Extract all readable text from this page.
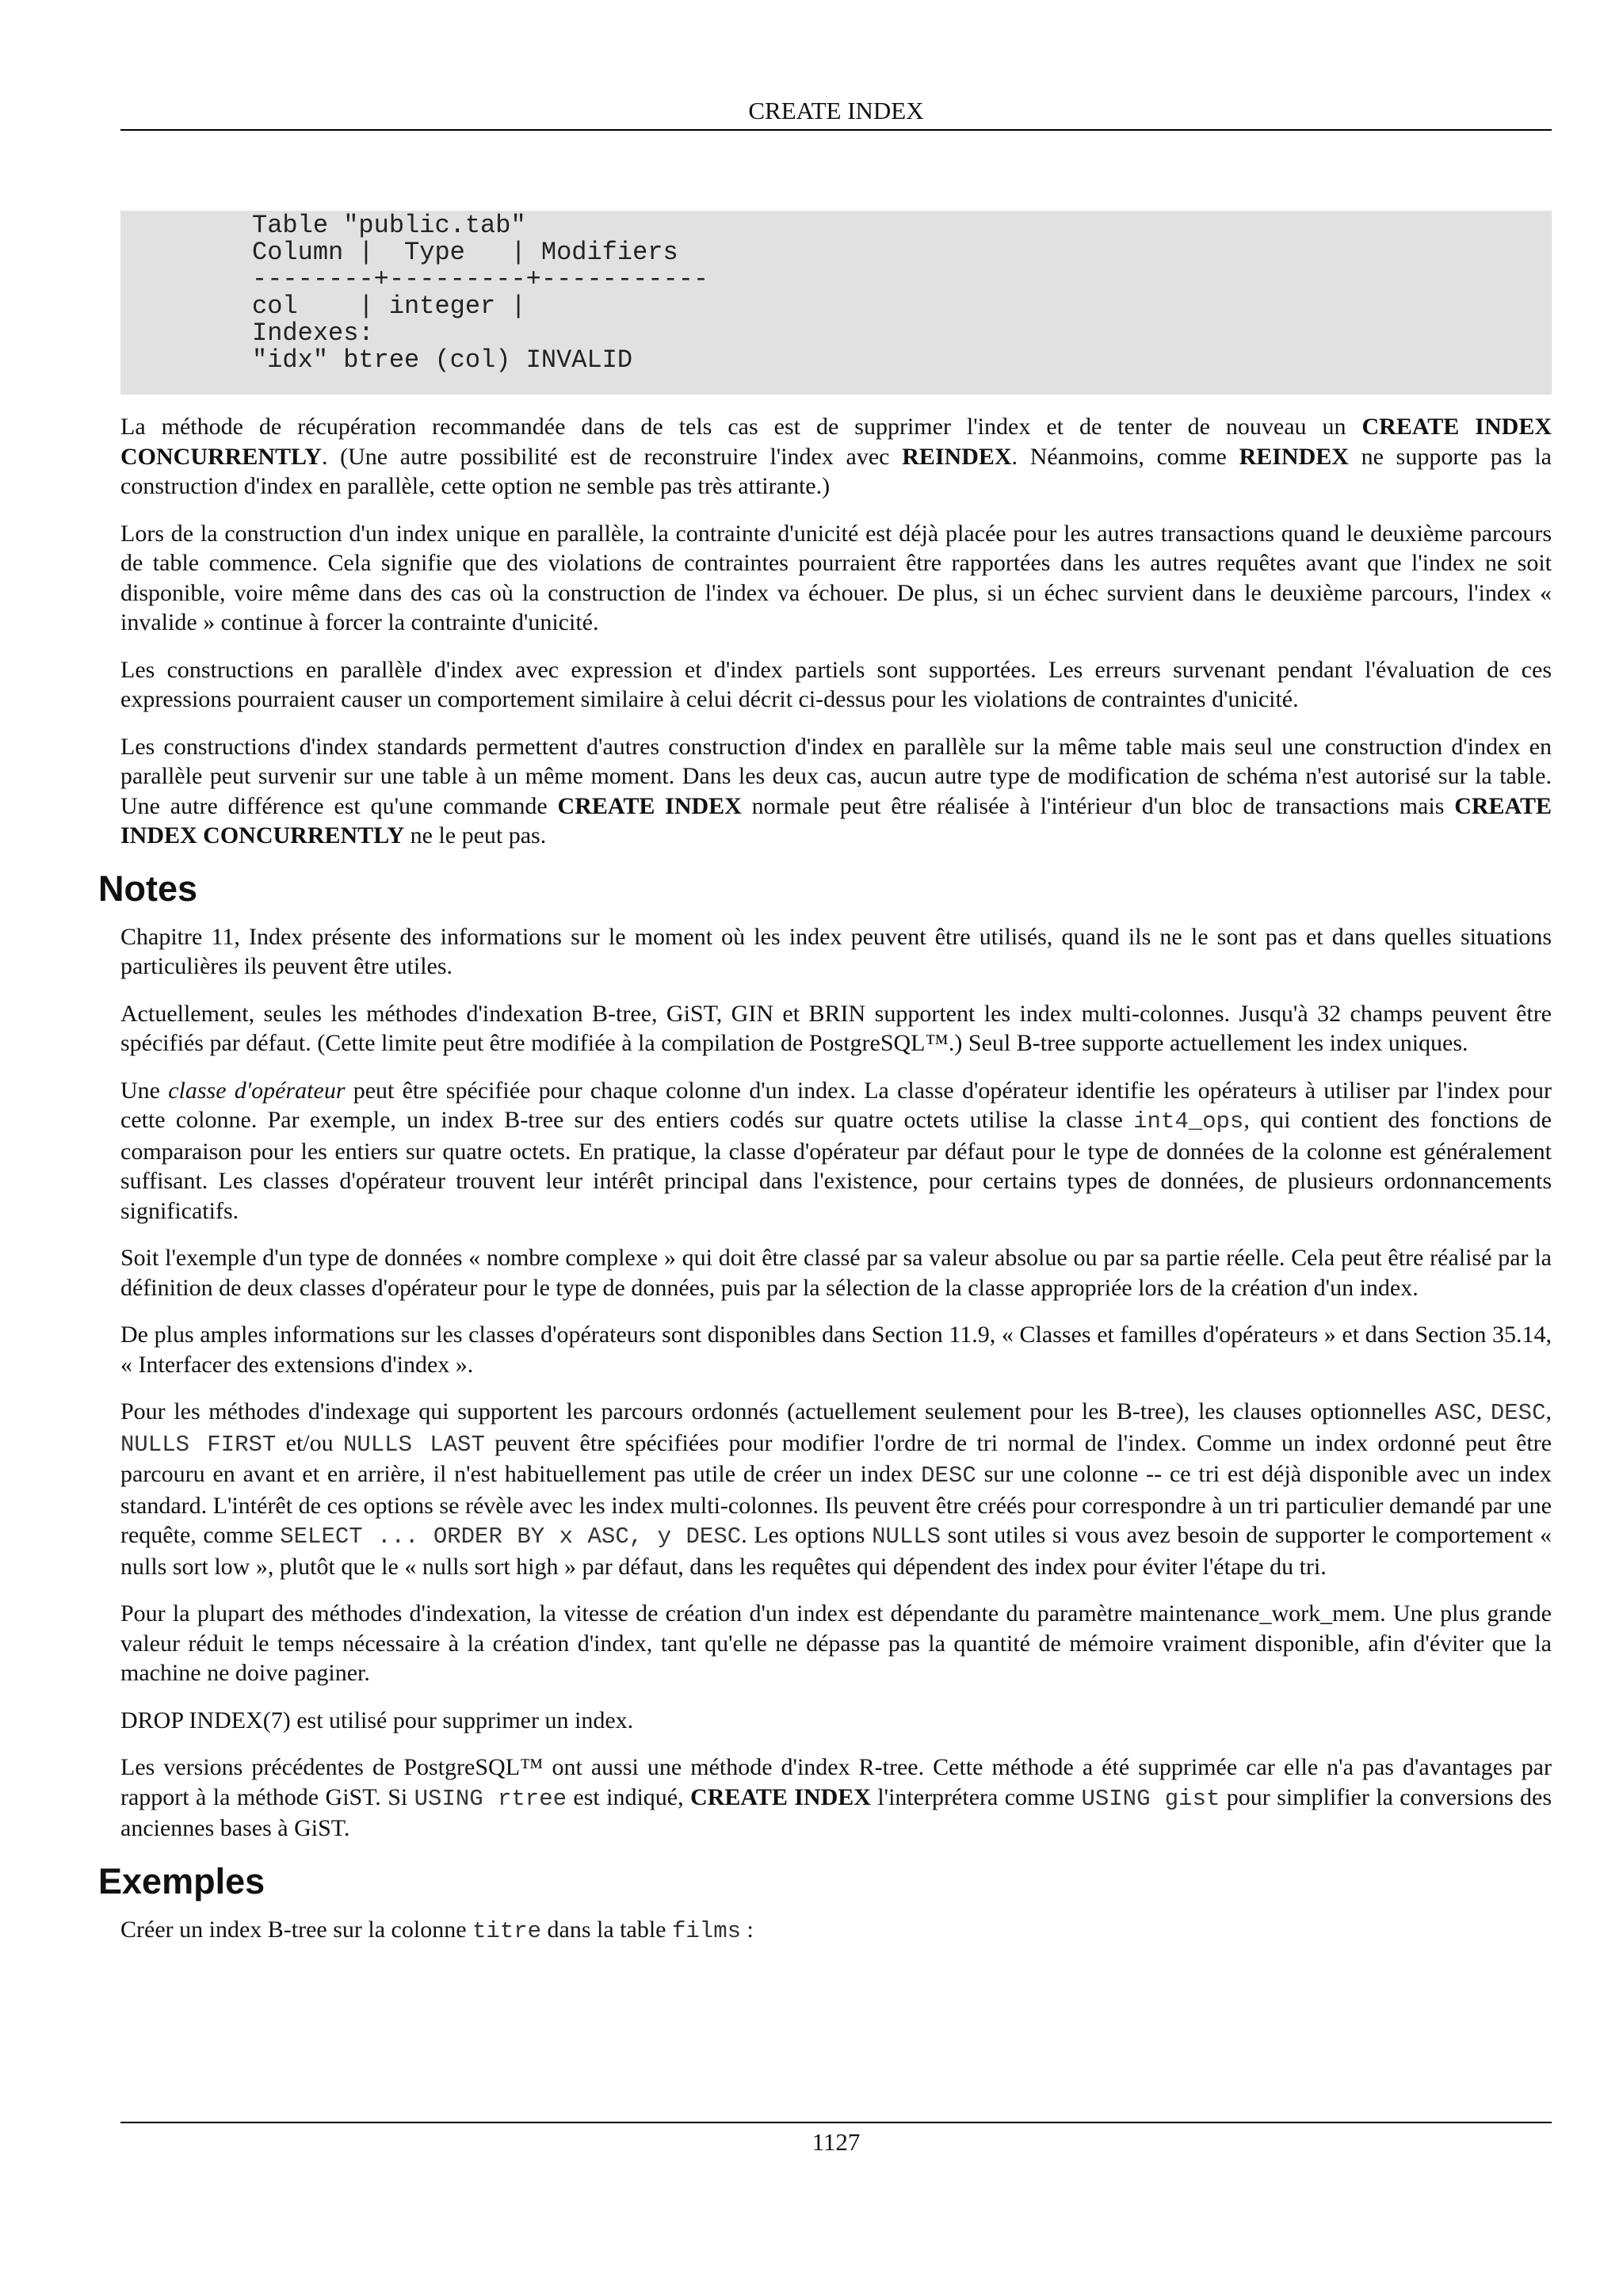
CREATE INDEX
Table "public.tab"
Column |  Type   | Modifiers
--------+---------+-----------
col    | integer |
Indexes:
"idx" btree (col) INVALID

La méthode de récupération recommandée dans de tels cas est de supprimer l'index et de tenter de nouveau un CREATE INDEX CONCURRENTLY. (Une autre possibilité est de reconstruire l'index avec REINDEX. Néanmoins, comme REINDEX ne supporte pas la construction d'index en parallèle, cette option ne semble pas très attirante.)

Lors de la construction d'un index unique en parallèle, la contrainte d'unicité est déjà placée pour les autres transactions quand le deuxième parcours de table commence. Cela signifie que des violations de contraintes pourraient être rapportées dans les autres requêtes avant que l'index ne soit disponible, voire même dans des cas où la construction de l'index va échouer. De plus, si un échec survient dans le deuxième parcours, l'index « invalide » continue à forcer la contrainte d'unicité.

Les constructions en parallèle d'index avec expression et d'index partiels sont supportées. Les erreurs survenant pendant l'évaluation de ces expressions pourraient causer un comportement similaire à celui décrit ci-dessus pour les violations de contraintes d'unicité.

Les constructions d'index standards permettent d'autres construction d'index en parallèle sur la même table mais seul une construction d'index en parallèle peut survenir sur une table à un même moment. Dans les deux cas, aucun autre type de modification de schéma n'est autorisé sur la table. Une autre différence est qu'une commande CREATE INDEX normale peut être réalisée à l'intérieur d'un bloc de transactions mais CREATE INDEX CONCURRENTLY ne le peut pas.

Notes

Chapitre 11, Index présente des informations sur le moment où les index peuvent être utilisés, quand ils ne le sont pas et dans quelles situations particulières ils peuvent être utiles.

Actuellement, seules les méthodes d'indexation B-tree, GiST, GIN et BRIN supportent les index multi-colonnes. Jusqu'à 32 champs peuvent être spécifiés par défaut. (Cette limite peut être modifiée à la compilation de PostgreSQL™.) Seul B-tree supporte actuellement les index uniques.

Une classe d'opérateur peut être spécifiée pour chaque colonne d'un index. La classe d'opérateur identifie les opérateurs à utiliser par l'index pour cette colonne. Par exemple, un index B-tree sur des entiers codés sur quatre octets utilise la classe int4_ops, qui contient des fonctions de comparaison pour les entiers sur quatre octets. En pratique, la classe d'opérateur par défaut pour le type de données de la colonne est généralement suffisant. Les classes d'opérateur trouvent leur intérêt principal dans l'existence, pour certains types de données, de plusieurs ordonnancements significatifs.

Soit l'exemple d'un type de données « nombre complexe » qui doit être classé par sa valeur absolue ou par sa partie réelle. Cela peut être réalisé par la définition de deux classes d'opérateur pour le type de données, puis par la sélection de la classe appropriée lors de la création d'un index.

De plus amples informations sur les classes d'opérateurs sont disponibles dans Section 11.9, « Classes et familles d'opérateurs » et dans Section 35.14, « Interfacer des extensions d'index ».

Pour les méthodes d'indexage qui supportent les parcours ordonnés (actuellement seulement pour les B-tree), les clauses optionnelles ASC, DESC, NULLS FIRST et/ou NULLS LAST peuvent être spécifiées pour modifier l'ordre de tri normal de l'index. Comme un index ordonné peut être parcouru en avant et en arrière, il n'est habituellement pas utile de créer un index DESC sur une colonne -- ce tri est déjà disponible avec un index standard. L'intérêt de ces options se révèle avec les index multi-colonnes. Ils peuvent être créés pour correspondre à un tri particulier demandé par une requête, comme SELECT ... ORDER BY x ASC, y DESC. Les options NULLS sont utiles si vous avez besoin de supporter le comportement « nulls sort low », plutôt que le « nulls sort high » par défaut, dans les requêtes qui dépendent des index pour éviter l'étape du tri.

Pour la plupart des méthodes d'indexation, la vitesse de création d'un index est dépendante du paramètre maintenance_work_mem. Une plus grande valeur réduit le temps nécessaire à la création d'index, tant qu'elle ne dépasse pas la quantité de mémoire vraiment disponible, afin d'éviter que la machine ne doive paginer.

DROP INDEX(7) est utilisé pour supprimer un index.

Les versions précédentes de PostgreSQL™ ont aussi une méthode d'index R-tree. Cette méthode a été supprimée car elle n'a pas d'avantages par rapport à la méthode GiST. Si USING rtree est indiqué, CREATE INDEX l'interprétera comme USING gist pour simplifier la conversions des anciennes bases à GiST.

Exemples

Créer un index B-tree sur la colonne titre dans la table films :

1127
